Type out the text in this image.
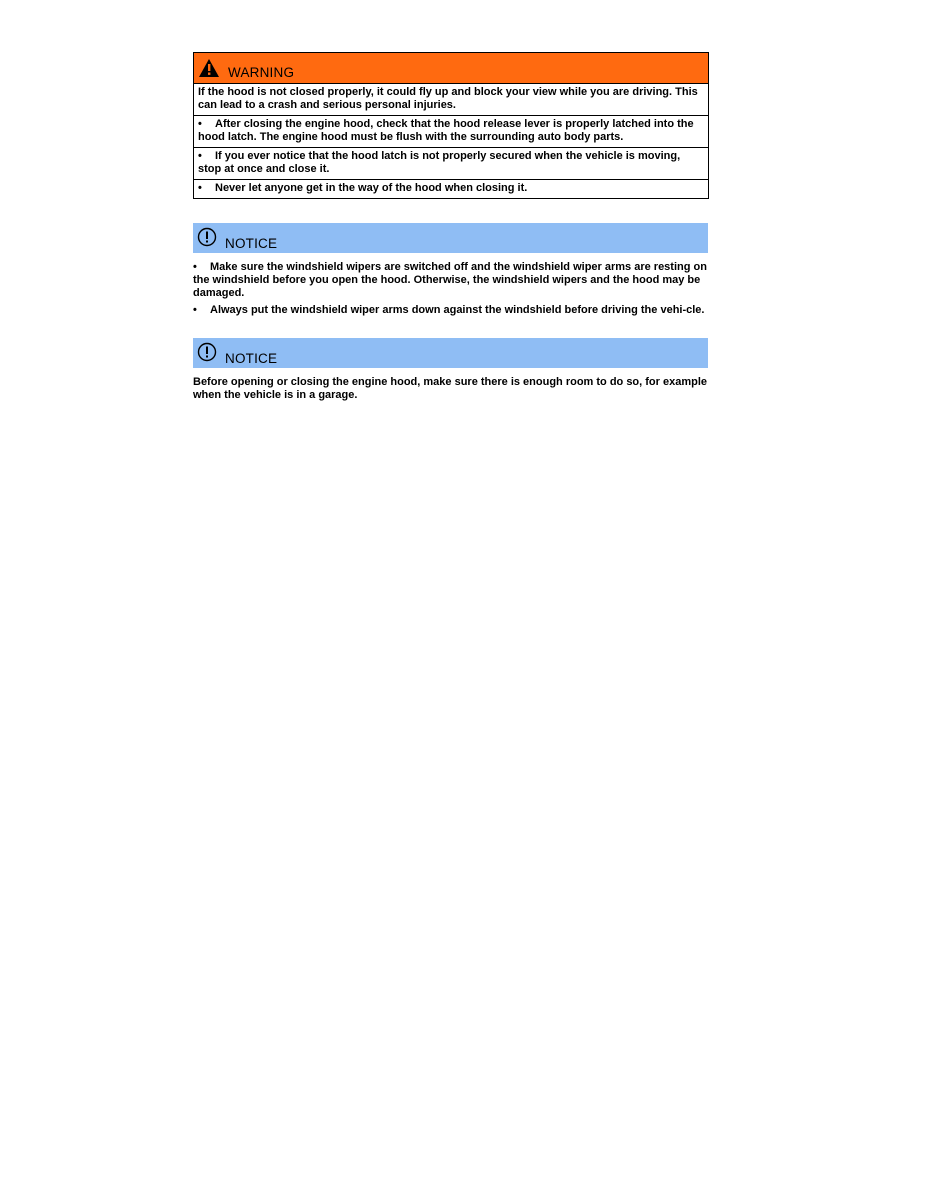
WARNING
If the hood is not closed properly, it could fly up and block your view while you are driving. This can lead to a crash and serious personal injuries.
• After closing the engine hood, check that the hood release lever is properly latched into the hood latch. The engine hood must be flush with the surrounding auto body parts.
• If you ever notice that the hood latch is not properly secured when the vehicle is moving, stop at once and close it.
• Never let anyone get in the way of the hood when closing it.
NOTICE
• Make sure the windshield wipers are switched off and the windshield wiper arms are resting on the windshield before you open the hood. Otherwise, the windshield wipers and the hood may be damaged.
• Always put the windshield wiper arms down against the windshield before driving the vehi-cle.
NOTICE
Before opening or closing the engine hood, make sure there is enough room to do so, for example when the vehicle is in a garage.
